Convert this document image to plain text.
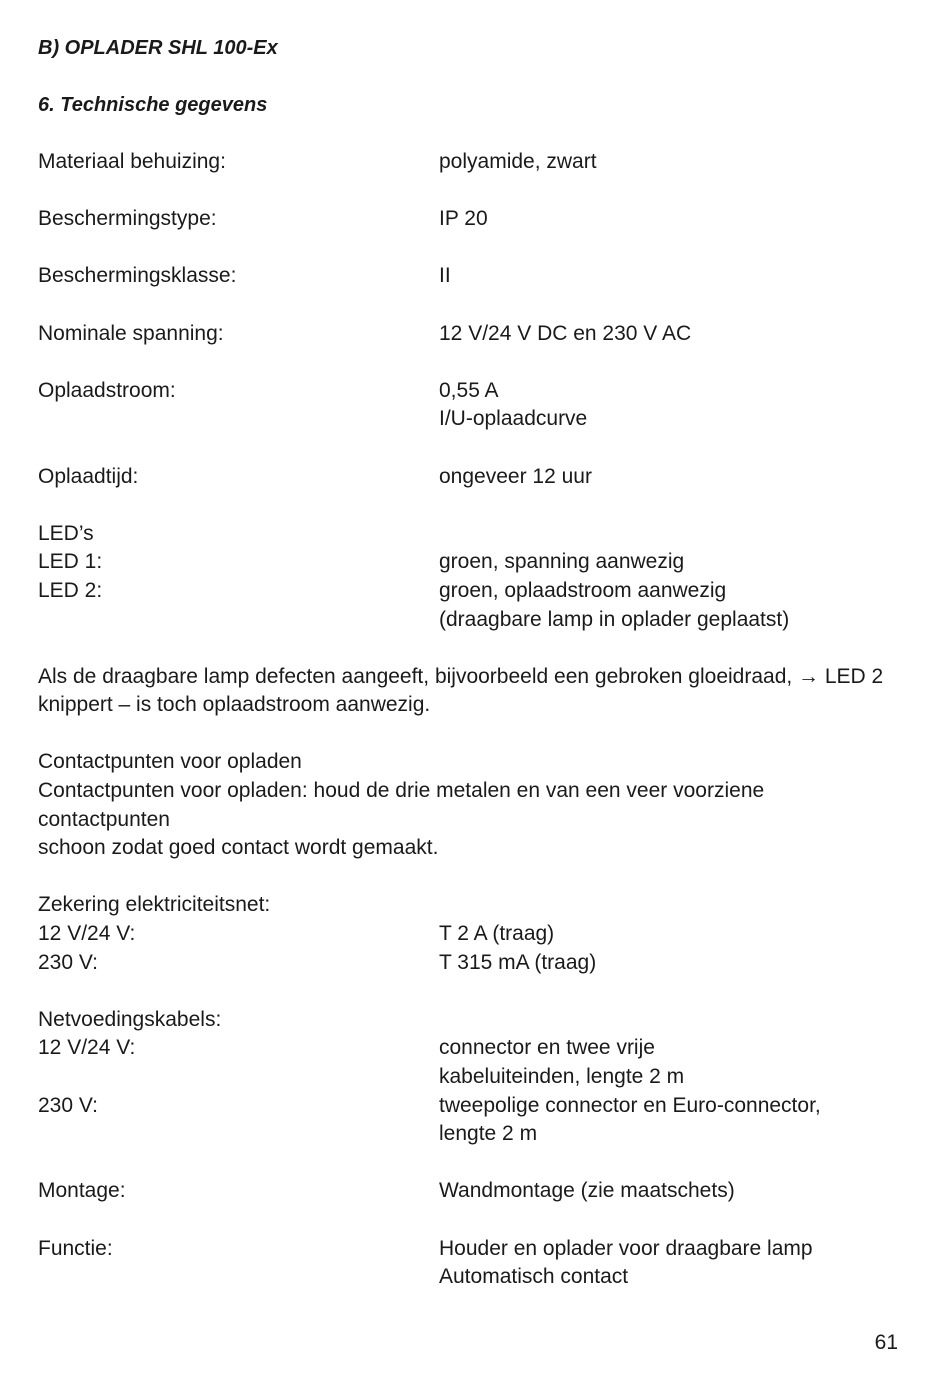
B) OPLADER SHL 100-Ex

6. Technische gegevens

Materiaal behuizing:	polyamide, zwart
Beschermingstype:	IP 20
Beschermingsklasse:	II
Nominale spanning:	12 V/24 V DC en 230 V AC
Oplaadstroom:	0,55 A
I/U-oplaadcurve
Oplaadtijd:	ongeveer 12 uur
LED’s
LED 1:	groen, spanning aanwezig
LED 2:	groen, oplaadstroom aanwezig
(draagbare lamp in oplader geplaatst)

Als de draagbare lamp defecten aangeeft, bijvoorbeeld een gebroken gloeidraad, → LED 2
knippert – is toch oplaadstroom aanwezig.

Contactpunten voor opladen

Contactpunten voor opladen: houd de drie metalen en van een veer voorziene contactpunten
schoon zodat goed contact wordt gemaakt.

Zekering elektriciteitsnet:

12 V/24 V:	T 2 A (traag)
230 V:	T 315 mA (traag)

Netvoedingskabels:

12 V/24 V:	connector en twee vrije
kabeluiteinden, lengte 2 m
230 V:	tweepolige connector en Euro-connector,
lengte 2 m
Montage:	Wandmontage (zie maatschets)
Functie:	Houder en oplader voor draagbare lamp
Automatisch contact
61
